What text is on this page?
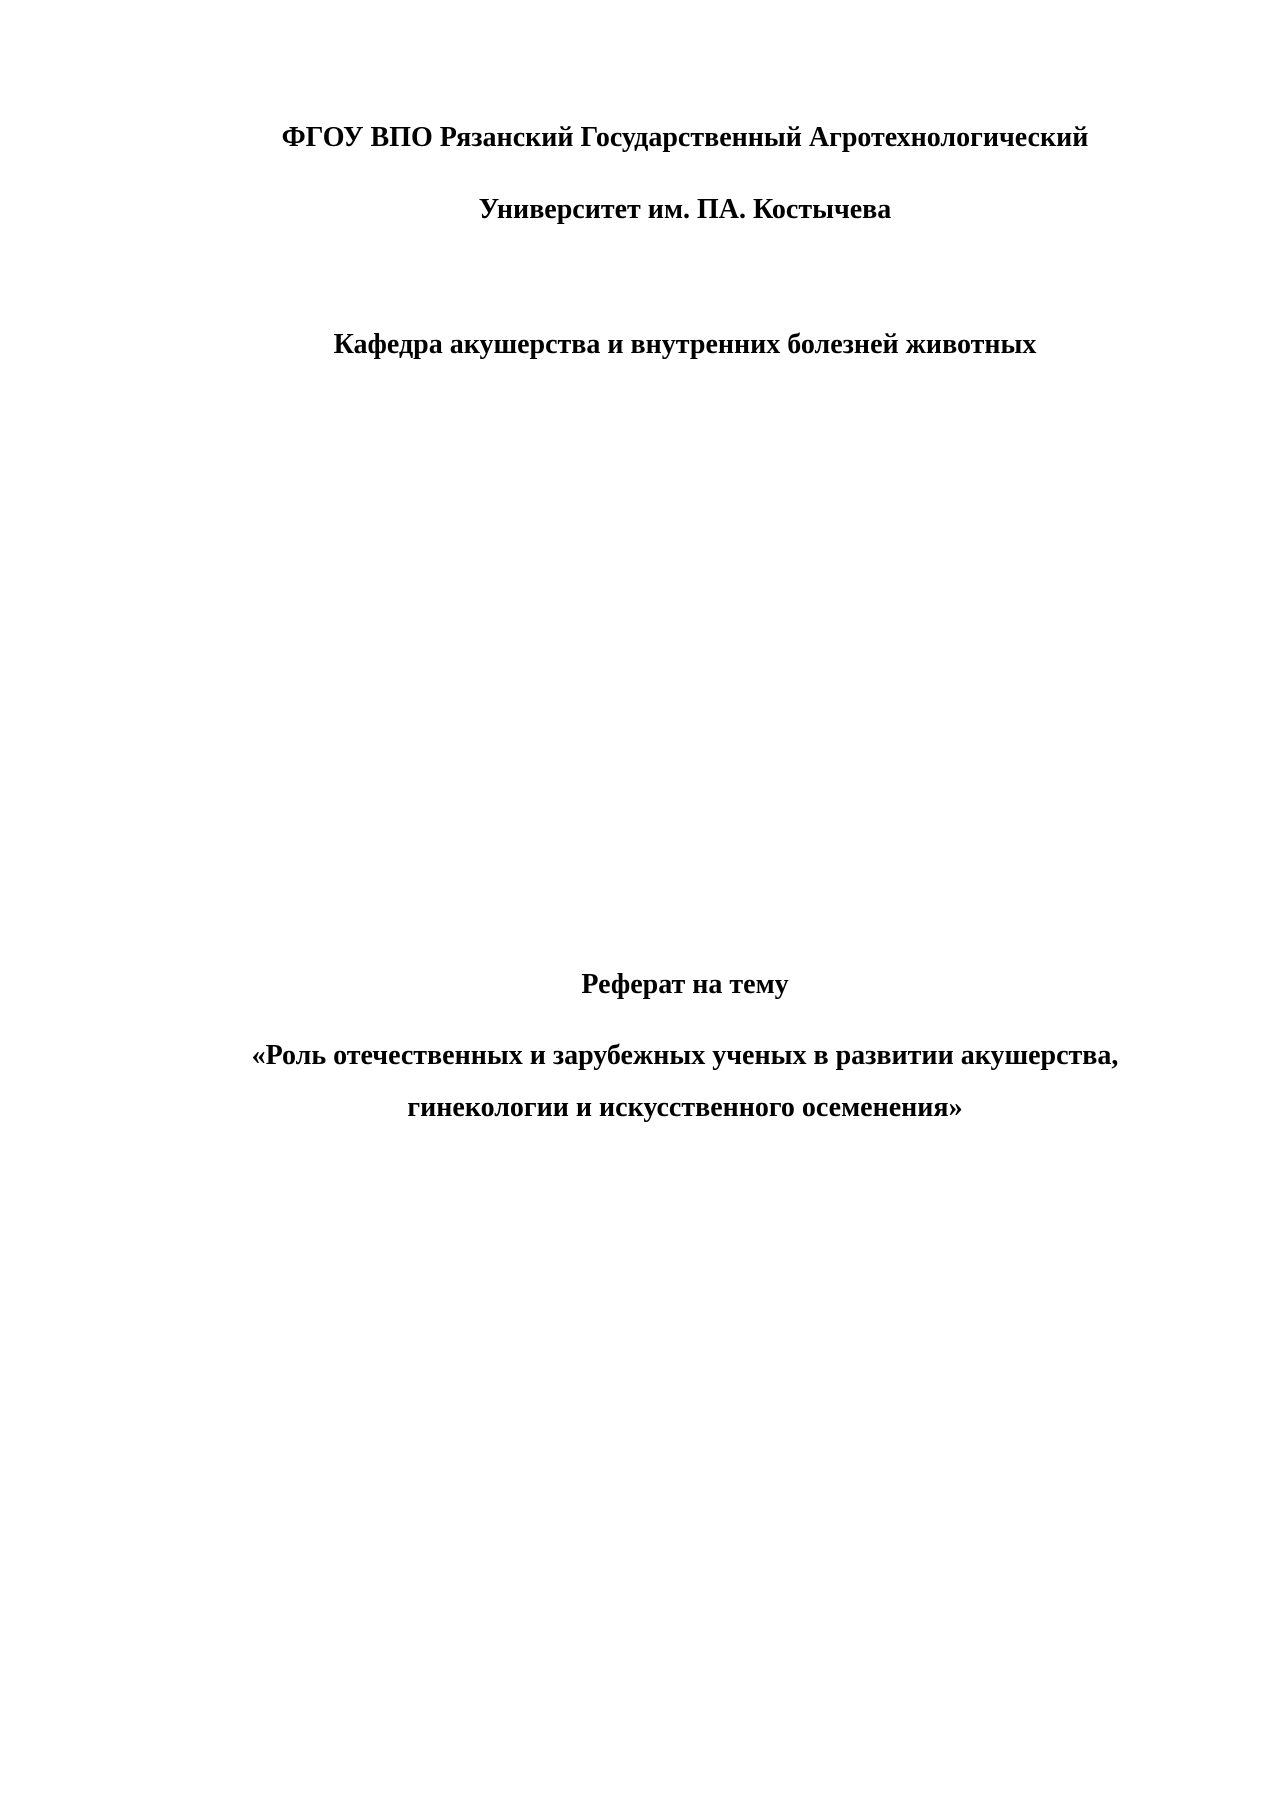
ФГОУ ВПО Рязанский Государственный Агротехнологический
Университет им. ПА. Костычева
Кафедра акушерства и внутренних болезней животных
Реферат на тему
«Роль отечественных и зарубежных ученых в развитии акушерства,
гинекологии и искусственного осеменения»
